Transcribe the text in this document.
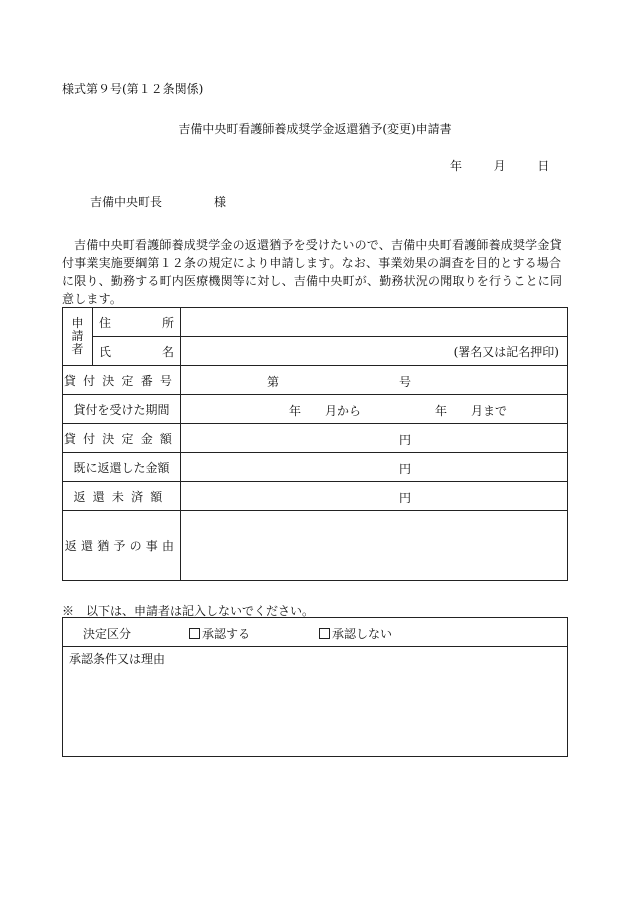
様式第９号(第１２条関係)
吉備中央町看護師養成奨学金返還猶予(変更)申請書
年	月	日
吉備中央町長	様
吉備中央町看護師養成奨学金の返還猶予を受けたいので、吉備中央町看護師養成奨学金貸付事業実施要綱第１２条の規定により申請します。なお、事業効果の調査を目的とする場合に限り、勤務する町内医療機関等に対し、吉備中央町が、勤務状況の聞取りを行うことに同意します。
申請者	住 所	

	氏 名	(署名又は記名押印)
貸付決定番号		第 号

貸付を受けた期間		年　　月から 年　　月まで

貸付決定金額		円

既に返還した金額		円

返還未済額		円

返還猶予の事由		
※　以下は、申請者は記入しないでください。
決定区分	承認する	承認しない

承認条件又は理由
